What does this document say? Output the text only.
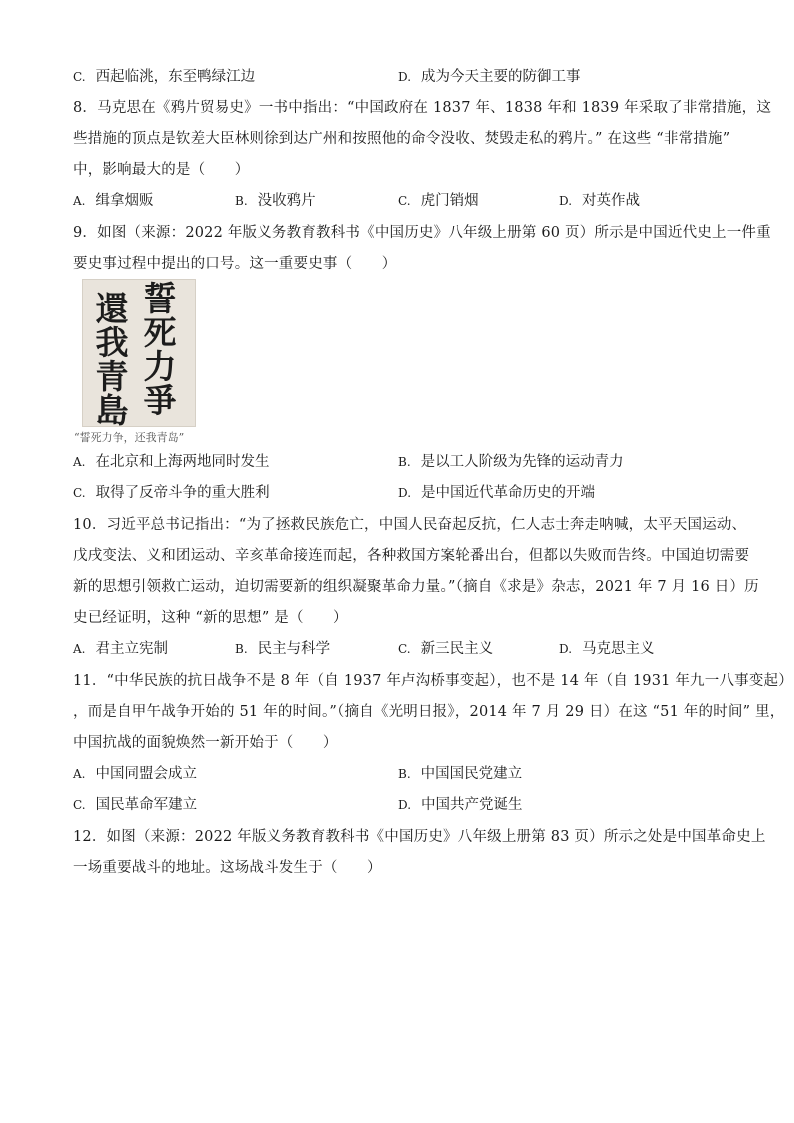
8．马克思在《鸦片贸易史》一书中指出：“中国政府在 1837 年、1838 年和 1839 年采取了非常措施，这
些措施的顶点是钦差大臣林则徐到达广州和按照他的命令没收、焚毁走私的鸦片。” 在这些 “非常措施”
中，影响最大的是（　　）
9．如图（来源：2022 年版义务教育教科书《中国历史》八年级上册第 60 页）所示是中国近代史上一件重
要史事过程中提出的口号。这一重要史事（　　）
10．习近平总书记指出：“为了拯救民族危亡，中国人民奋起反抗，仁人志士奔走呐喊，太平天国运动、
戊戌变法、义和团运动、辛亥革命接连而起，各种救国方案轮番出台，但都以失败而告终。中国迫切需要
新的思想引领救亡运动，迫切需要新的组织凝聚革命力量。”（摘自《求是》杂志，2021 年 7 月 16 日）历
史已经证明，这种 “新的思想” 是（　　）
11．“中华民族的抗日战争不是 8 年（自 1937 年卢沟桥事变起），也不是 14 年（自 1931 年九一八事变起）
，而是自甲午战争开始的 51 年的时间。”（摘自《光明日报》，2014 年 7 月 29 日）在这 “51 年的时间” 里，
中国抗战的面貌焕然一新开始于（　　）
12．如图（来源：2022 年版义务教育教科书《中国历史》八年级上册第 83 页）所示之处是中国革命史上
一场重要战斗的地址。这场战斗发生于（　　）
C. 西起临洮，东至鸭绿江边	D. 成为今天主要的防御工事
A. 缉拿烟贩	B. 没收鸦片	C. 虎门销烟	D. 对英作战
A. 在北京和上海两地同时发生	B. 是以工人阶级为先锋的运动青力
C. 取得了反帝斗争的重大胜利	D. 是中国近代革命历史的开端
A. 君主立宪制	B. 民主与科学	C. 新三民主义	D. 马克思主义
A. 中国同盟会成立	B. 中国国民党建立
C. 国民革命军建立	D. 中国共产党诞生
還
我
青
島
誓
死
力
爭
“誓死力争，还我青岛”
